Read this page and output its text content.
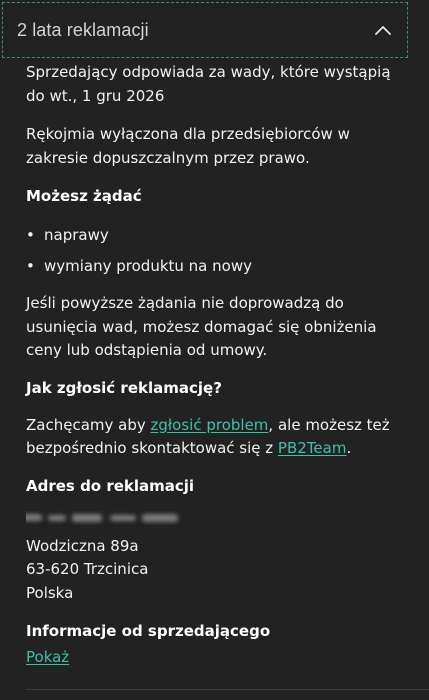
2 lata reklamacji

Sprzedający odpowiada za wady, które wystąpią do wt., 1 gru 2026

Rękojmia wyłączona dla przedsiębiorców w zakresie dopuszczalnym przez prawo.

Możesz żądać

• naprawy
• wymiany produktu na nowy

Jeśli powyższe żądania nie doprowadzą do usunięcia wad, możesz domagać się obniżenia ceny lub odstąpienia od umowy.

Jak zgłosić reklamację?

Zachęcamy aby zgłosić problem, ale możesz też bezpośrednio skontaktować się z PB2Team.

Adres do reklamacji

Wodziczna 89a

63-620 Trzcinica

Polska

Informacje od sprzedającego

Pokaż
